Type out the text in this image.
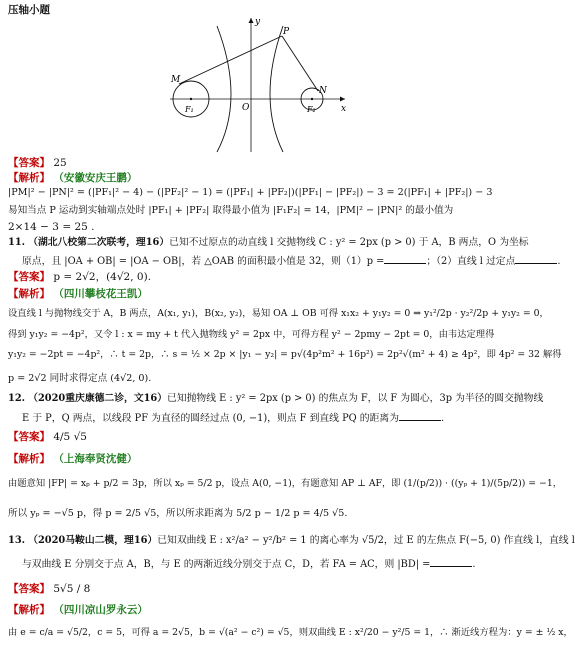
压轴小题
P
M
N
F₁	F₂
O	x
y
【答案】 25
【解析】 （安徽安庆王鹏）
|PM|² − |PN|² = (|PF₁|² − 4) − (|PF₂|² − 1) = (|PF₁| + |PF₂|)(|PF₁| − |PF₂|) − 3 = 2(|PF₁| + |PF₂|) − 3
易知当点 P 运动到实轴端点处时 |PF₁| + |PF₂| 取得最小值为 |F₁F₂| = 14，|PM|² − |PN|² 的最小值为
2×14 − 3 = 25 .
11. （湖北八校第二次联考，理16）已知不过原点的动直线 l 交抛物线 C : y² = 2px (p > 0) 于 A，B 两点，O 为坐标
原点，且 |OA + OB| = |OA − OB|，若 △OAB 的面积最小值是 32，则（1）p =	；（2）直线 l 过定点	.
【答案】 p = 2√2，(4√2, 0).
【解析】 （四川攀枝花王凯）
设直线 l 与抛物线交于 A，B 两点，A(x₁, y₁)，B(x₂, y₂)，易知 OA ⊥ OB 可得 x₁x₂ + y₁y₂ = 0 ⇒ y₁²/2p · y₂²/2p + y₁y₂ = 0，
得到 y₁y₂ = −4p²，又令 l : x = my + t 代入抛物线 y² = 2px 中，可得方程 y² − 2pmy − 2pt = 0，由韦达定理得
y₁y₂ = −2pt = −4p²，∴ t = 2p，∴ s = ½ × 2p × |y₁ − y₂| = p√(4p²m² + 16p²) = 2p²√(m² + 4) ≥ 4p²，即 4p² = 32 解得
p = 2√2 同时求得定点 (4√2, 0).
12. （2020重庆康德二诊，文16）已知抛物线 E : y² = 2px (p > 0) 的焦点为 F，以 F 为圆心，3p 为半径的圆交抛物线
E 于 P，Q 两点，以线段 PF 为直径的圆经过点 (0, −1)，则点 F 到直线 PQ 的距离为	.
【答案】 4/5 √5
【解析】 （上海奉贤沈健）
由题意知 |FP| = xₚ + p/2 = 3p，所以 xₚ = 5/2 p，设点 A(0, −1)，有题意知 AP ⊥ AF，即 (1/(p/2)) · ((yₚ + 1)/(5p/2)) = −1，
所以 yₚ = −√5 p，得 p = 2/5 √5，所以所求距离为 5/2 p − 1/2 p = 4/5 √5.
13. （2020马鞍山二模，理16）已知双曲线 E : x²/a² − y²/b² = 1 的离心率为 √5/2，过 E 的左焦点 F(−5, 0) 作直线 l，直线 l
与双曲线 E 分别交于点 A，B，与 E 的两渐近线分别交于点 C，D，若 FA = AC，则 |BD| =	.
【答案】 5√5 / 8
【解析】 （四川凉山罗永云）
由 e = c/a = √5/2，c = 5，可得 a = 2√5，b = √(a² − c²) = √5，则双曲线 E : x²/20 − y²/5 = 1，∴ 渐近线方程为：y = ± ½ x，
